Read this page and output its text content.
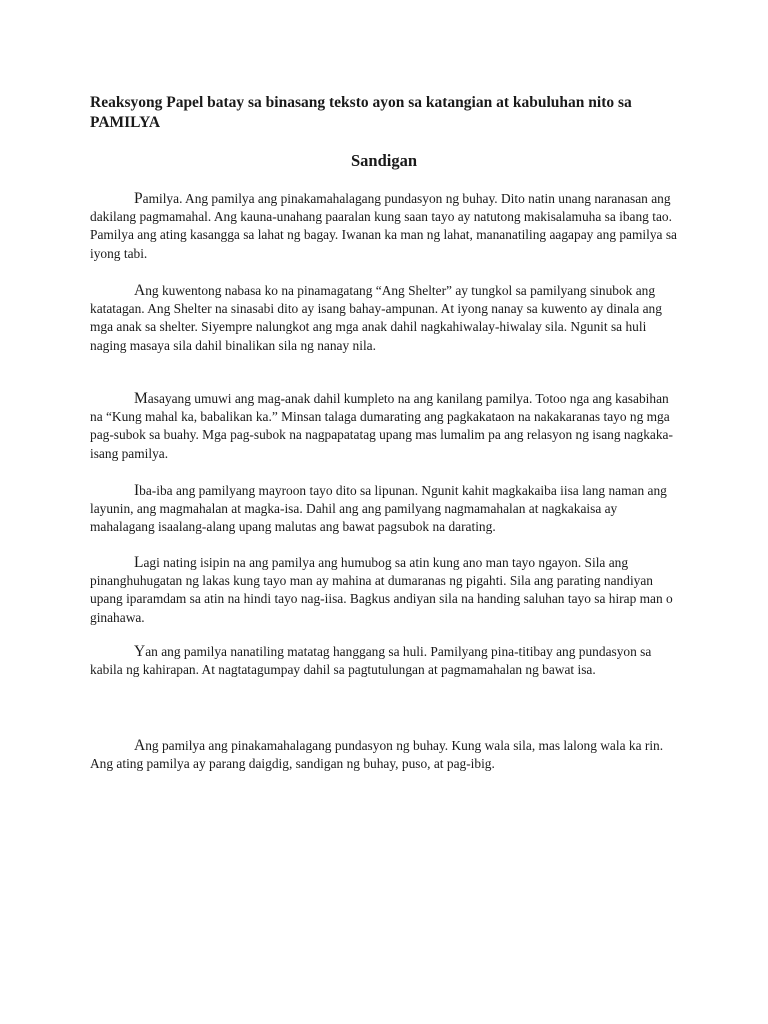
Reaksyong Papel batay sa binasang teksto ayon sa katangian at kabuluhan nito sa PAMILYA
Sandigan

Pamilya. Ang pamilya ang pinakamahalagang pundasyon ng buhay. Dito natin unang naranasan ang dakilang pagmamahal. Ang kauna-unahang paaralan kung saan tayo ay natutong makisalamuha sa ibang tao. Pamilya ang ating kasangga sa lahat ng bagay. Iwanan ka man ng lahat, mananatiling aagapay ang pamilya sa iyong tabi.

Ang kuwentong nabasa ko na pinamagatang “Ang Shelter” ay tungkol sa pamilyang sinubok ang katatagan. Ang Shelter na sinasabi dito ay isang bahay-ampunan. At iyong nanay sa kuwento ay dinala ang mga anak sa shelter. Siyempre nalungkot ang mga anak dahil nagkahiwalay-hiwalay sila. Ngunit sa huli naging masaya sila dahil binalikan sila ng nanay nila.

Masayang umuwi ang mag-anak dahil kumpleto na ang kanilang pamilya. Totoo nga ang kasabihan na “Kung mahal ka, babalikan ka.” Minsan talaga dumarating ang pagkakataon na nakakaranas tayo ng mga pag-subok sa buahy. Mga pag-subok na nagpapatatag upang mas lumalim pa ang relasyon ng isang nagkaka-isang pamilya.

Iba-iba ang pamilyang mayroon tayo dito sa lipunan. Ngunit kahit magkakaiba iisa lang naman ang layunin, ang magmahalan at magka-isa. Dahil ang ang pamilyang nagmamahalan at nagkakaisa ay mahalagang isaalang-alang upang malutas ang bawat pagsubok na darating.

Lagi nating isipin na ang pamilya ang humubog sa atin kung ano man tayo ngayon. Sila ang pinanghuhugatan ng lakas kung tayo man ay mahina at dumaranas ng pigahti. Sila ang parating nandiyan upang iparamdam sa atin na hindi tayo nag-iisa. Bagkus andiyan sila na handing saluhan tayo sa hirap man o ginahawa.

Yan ang pamilya nanatiling matatag hanggang sa huli. Pamilyang pina-titibay ang pundasyon sa kabila ng kahirapan. At nagtatagumpay dahil sa pagtutulungan at pagmamahalan ng bawat isa.

Ang pamilya ang pinakamahalagang pundasyon ng buhay. Kung wala sila, mas lalong wala ka rin. Ang ating pamilya ay parang daigdig, sandigan ng buhay, puso, at pag-ibig.
